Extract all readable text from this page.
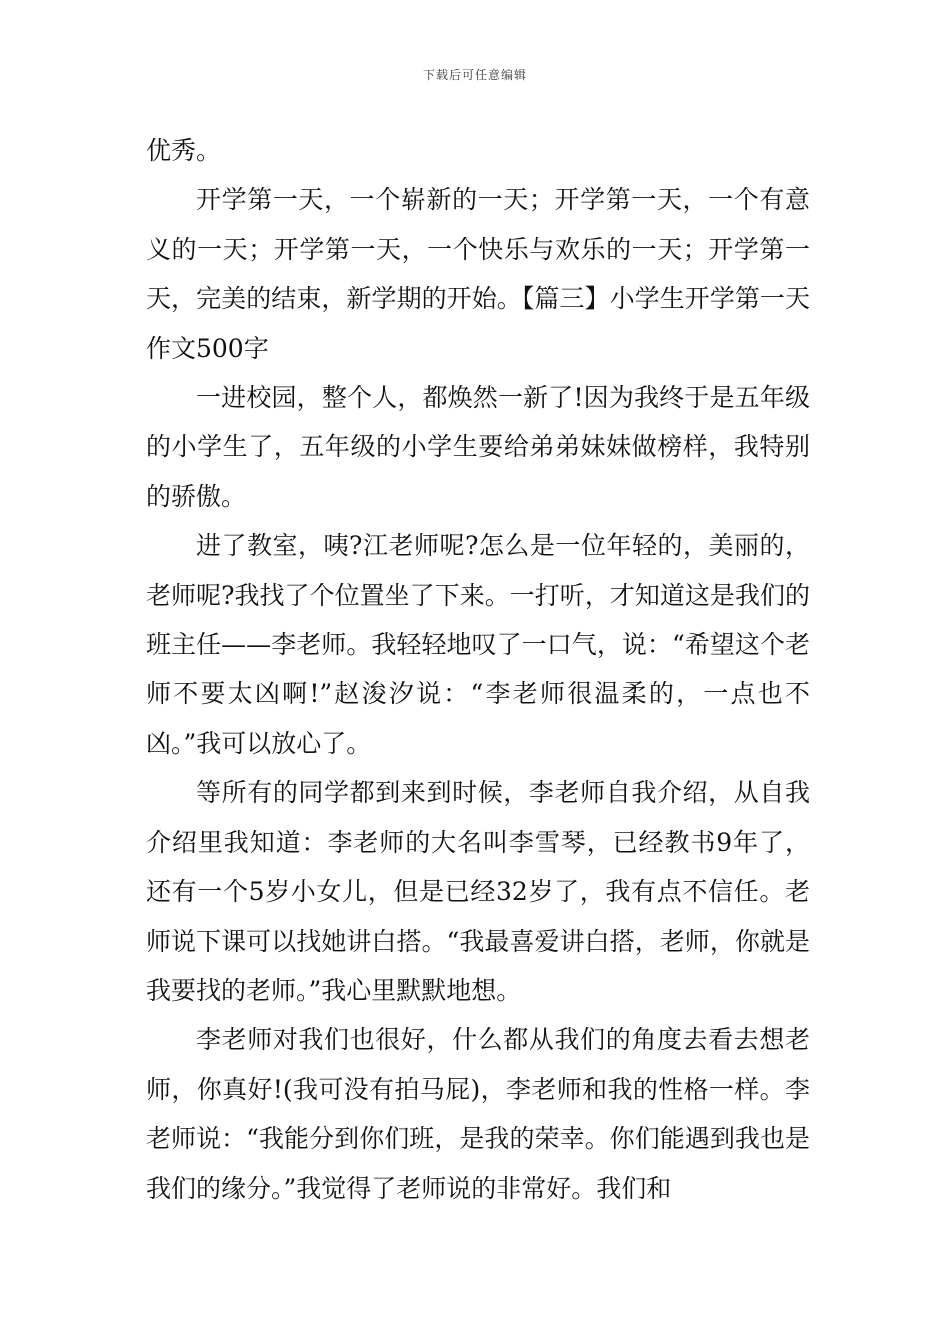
下载后可任意编辑

优秀。

开学第一天，一个崭新的一天；开学第一天，一个有意义的一天；开学第一天，一个快乐与欢乐的一天；开学第一天，完美的结束，新学期的开始。【篇三】小学生开学第一天作文500字

一进校园，整个人，都焕然一新了!因为我终于是五年级的小学生了，五年级的小学生要给弟弟妹妹做榜样，我特别的骄傲。

进了教室，咦?江老师呢?怎么是一位年轻的，美丽的，老师呢?我找了个位置坐了下来。一打听，才知道这是我们的班主任——李老师。我轻轻地叹了一口气，说：“希望这个老师不要太凶啊!”赵浚汐说：“李老师很温柔的，一点也不凶。”我可以放心了。

等所有的同学都到来到时候，李老师自我介绍，从自我介绍里我知道：李老师的大名叫李雪琴，已经教书9年了，还有一个5岁小女儿，但是已经32岁了，我有点不信任。老师说下课可以找她讲白搭。“我最喜爱讲白搭，老师，你就是我要找的老师。”我心里默默地想。

李老师对我们也很好，什么都从我们的角度去看去想老师，你真好!(我可没有拍马屁)，李老师和我的性格一样。李老师说：“我能分到你们班，是我的荣幸。你们能遇到我也是我们的缘分。”我觉得了老师说的非常好。我们和
